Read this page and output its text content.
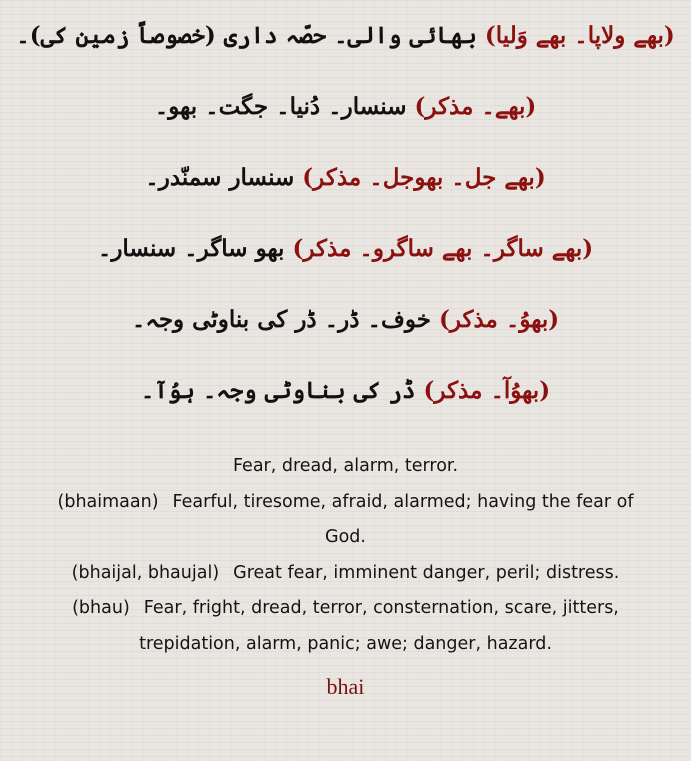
(بھے ولاپا۔ بھے وَلیا)بھائی والی۔ حصّہ داری (خصوصاً زمین کی)۔
(بھے۔ مذکر)سنسار۔ دُنیا۔ جگت۔ بھو۔
(بھے جل۔ بھوجل۔ مذکر)سنسار سمنّدر۔
(بھے ساگر۔ بھے ساگرو۔ مذکر)بھو ساگر۔ سنسار۔
(بھوُ۔ مذکر)خوف۔ ڈر۔ ڈر کی بناوٹی وجہ۔
(بھوُآ۔ مذکر)ڈر کی بناوٹی وجہ۔ ہوُآ۔
Fear, dread, alarm, terror.
(bhaimaan) Fearful, tiresome, afraid, alarmed; having the fear of
God.
(bhaijal, bhaujal) Great fear, imminent danger, peril; distress.
(bhau) Fear, fright, dread, terror, consternation, scare, jitters,
trepidation, alarm, panic; awe; danger, hazard.
bhai
